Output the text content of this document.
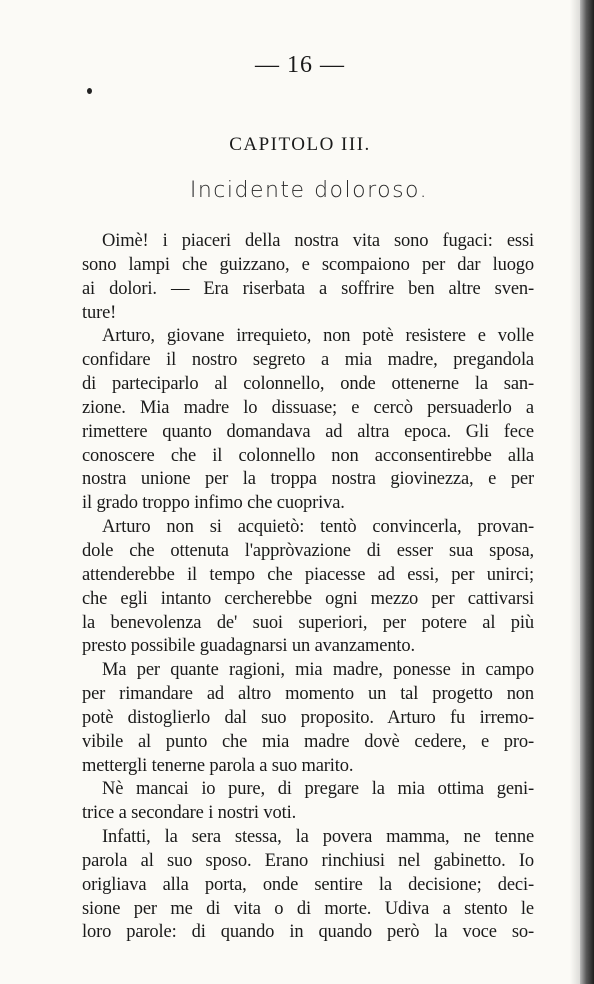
— 16 —
CAPITOLO III.
Incidente doloroso.
Oimè! i piaceri della nostra vita sono fugaci: essi
sono lampi che guizzano, e scompaiono per dar luogo
ai dolori. — Era riserbata a soffrire ben altre sven-
ture!
Arturo, giovane irrequieto, non potè resistere e volle
confidare il nostro segreto a mia madre, pregandola
di parteciparlo al colonnello, onde ottenerne la san-
zione. Mia madre lo dissuase; e cercò persuaderlo a
rimettere quanto domandava ad altra epoca. Gli fece
conoscere che il colonnello non acconsentirebbe alla
nostra unione per la troppa nostra giovinezza, e per
il grado troppo infimo che cuopriva.
Arturo non si acquietò: tentò convincerla, provan-
dole che ottenuta l'appròvazione di esser sua sposa,
attenderebbe il tempo che piacesse ad essi, per unirci;
che egli intanto cercherebbe ogni mezzo per cattivarsi
la benevolenza de' suoi superiori, per potere al più
presto possibile guadagnarsi un avanzamento.
Ma per quante ragioni, mia madre, ponesse in campo
per rimandare ad altro momento un tal progetto non
potè distoglierlo dal suo proposito. Arturo fu irremo-
vibile al punto che mia madre dovè cedere, e pro-
mettergli tenerne parola a suo marito.
Nè mancai io pure, di pregare la mia ottima geni-
trice a secondare i nostri voti.
Infatti, la sera stessa, la povera mamma, ne tenne
parola al suo sposo. Erano rinchiusi nel gabinetto. Io
origliava alla porta, onde sentire la decisione; deci-
sione per me di vita o di morte. Udiva a stento le
loro parole: di quando in quando però la voce so-
